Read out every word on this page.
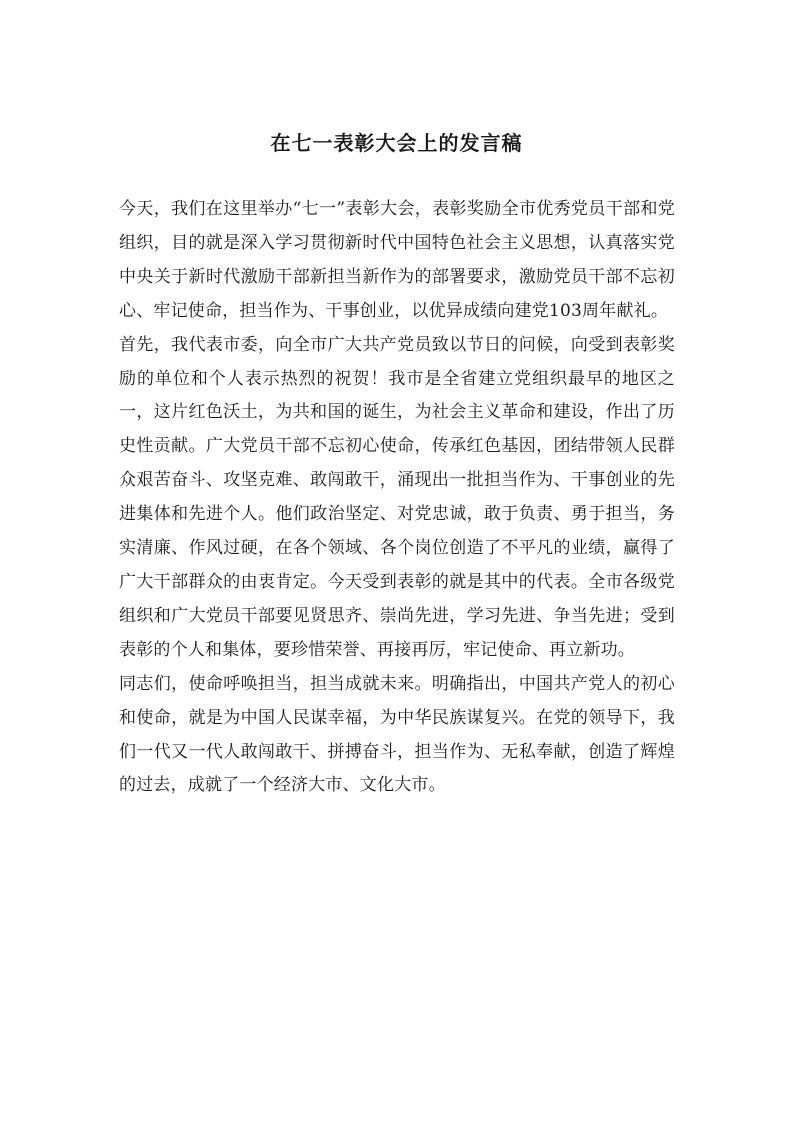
在七一表彰大会上的发言稿

今天，我们在这里举办“七一”表彰大会，表彰奖励全市优秀党员干部和党组织，目的就是深入学习贯彻新时代中国特色社会主义思想，认真落实党中央关于新时代激励干部新担当新作为的部署要求，激励党员干部不忘初心、牢记使命，担当作为、干事创业，以优异成绩向建党103周年献礼。

首先，我代表市委，向全市广大共产党员致以节日的问候，向受到表彰奖励的单位和个人表示热烈的祝贺！我市是全省建立党组织最早的地区之一，这片红色沃土，为共和国的诞生，为社会主义革命和建设，作出了历史性贡献。广大党员干部不忘初心使命，传承红色基因，团结带领人民群众艰苦奋斗、攻坚克难、敢闯敢干，涌现出一批担当作为、干事创业的先进集体和先进个人。他们政治坚定、对党忠诚，敢于负责、勇于担当，务实清廉、作风过硬，在各个领域、各个岗位创造了不平凡的业绩，赢得了广大干部群众的由衷肯定。今天受到表彰的就是其中的代表。全市各级党组织和广大党员干部要见贤思齐、崇尚先进，学习先进、争当先进；受到表彰的个人和集体，要珍惜荣誉、再接再厉，牢记使命、再立新功。

同志们，使命呼唤担当，担当成就未来。明确指出，中国共产党人的初心和使命，就是为中国人民谋幸福，为中华民族谋复兴。在党的领导下，我们一代又一代人敢闯敢干、拼搏奋斗，担当作为、无私奉献，创造了辉煌的过去，成就了一个经济大市、文化大市。
